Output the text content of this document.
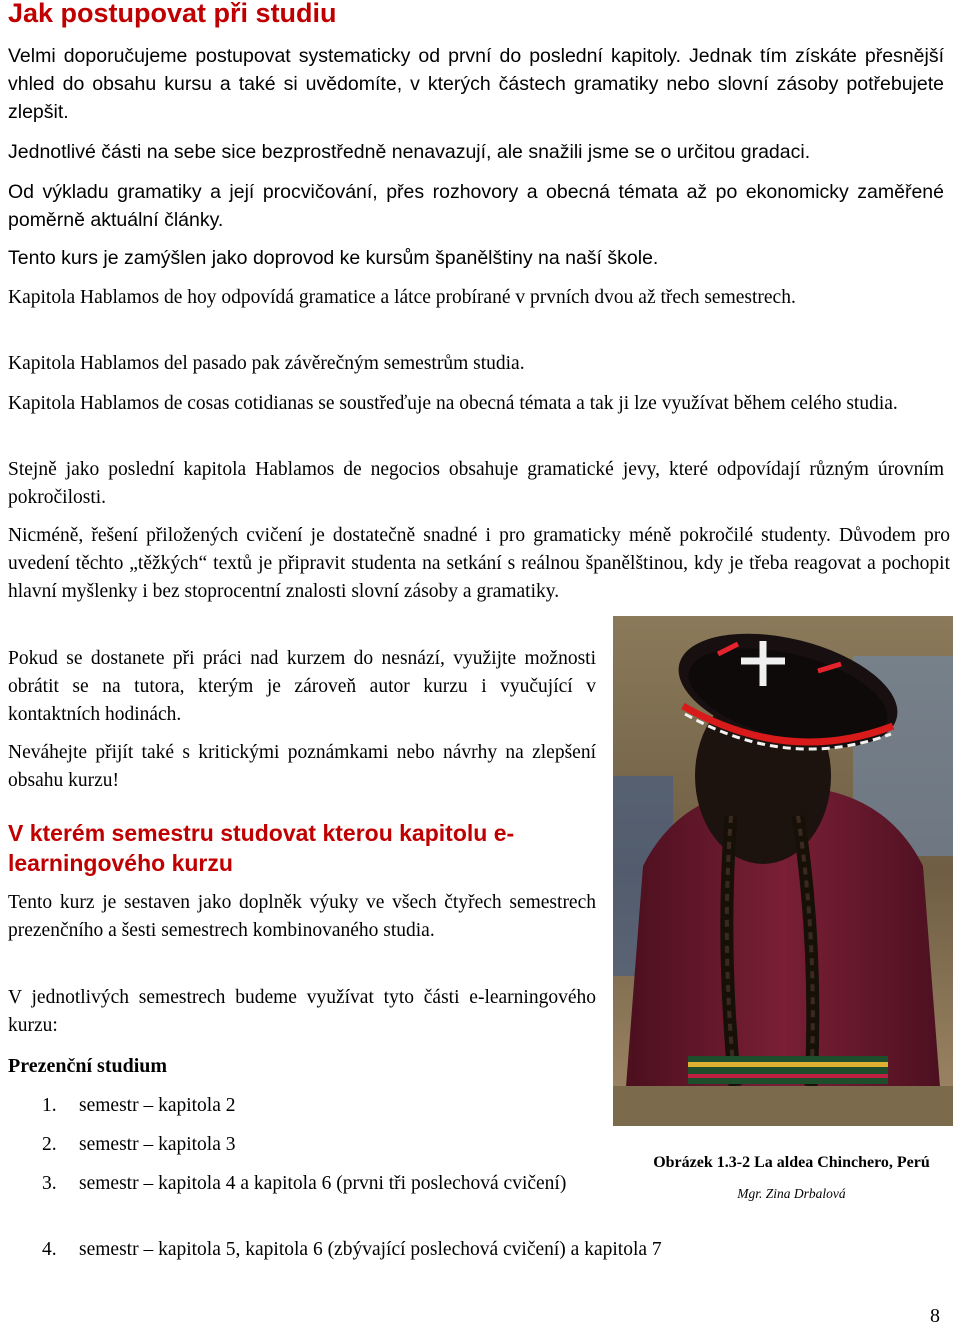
Jak postupovat při studiu

Velmi doporučujeme postupovat systematicky od první do poslední kapitoly. Jednak tím získáte přesnější vhled do obsahu kursu a také si uvědomíte, v kterých částech gramatiky nebo slovní zásoby potřebujete zlepšit.

Jednotlivé části na sebe sice bezprostředně nenavazují, ale snažili jsme se o určitou gradaci.

Od výkladu gramatiky a její procvičování, přes rozhovory a obecná témata až po ekonomicky zaměřené poměrně aktuální články.

Tento kurs je zamýšlen jako doprovod ke kursům španělštiny na naší škole.

Kapitola Hablamos de hoy odpovídá gramatice a látce probírané v prvních dvou až třech semestrech.

Kapitola Hablamos del pasado pak závěrečným semestrům studia.

Kapitola Hablamos de cosas cotidianas se soustřeďuje na obecná témata a tak ji lze využívat během celého studia.

Stejně jako poslední kapitola Hablamos de negocios obsahuje gramatické jevy, které odpovídají různým úrovním pokročilosti.

Nicméně, řešení přiložených cvičení je dostatečně snadné i pro gramaticky méně pokročilé studenty. Důvodem pro uvedení těchto „těžkých“ textů je připravit studenta na setkání s reálnou španělštinou, kdy je třeba reagovat a pochopit hlavní myšlenky i bez stoprocentní znalosti slovní zásoby a gramatiky.

Pokud se dostanete při práci nad kurzem do nesnází, využijte možnosti obrátit se na tutora, kterým je zároveň autor kurzu i vyučující v kontaktních hodinách.

Neváhejte přijít také s kritickými poznámkami nebo návrhy na zlepšení obsahu kurzu!

V kterém semestru studovat kterou kapitolu e-learningového kurzu

Tento kurz je sestaven jako doplněk výuky ve všech čtyřech semestrech prezenčního a šesti semestrech kombinovaného studia.

V jednotlivých semestrech budeme využívat tyto části e-learningového kurzu:

Prezenční studium
1. semestr – kapitola 2
2. semestr – kapitola 3
3. semestr – kapitola 4 a kapitola 6 (prvni tři poslechová cvičení)
4. semestr – kapitola 5, kapitola 6 (zbývající poslechová cvičení) a kapitola 7
Obrázek 1.3-2 La aldea Chinchero, Perú
Mgr. Zina Drbalová
8
